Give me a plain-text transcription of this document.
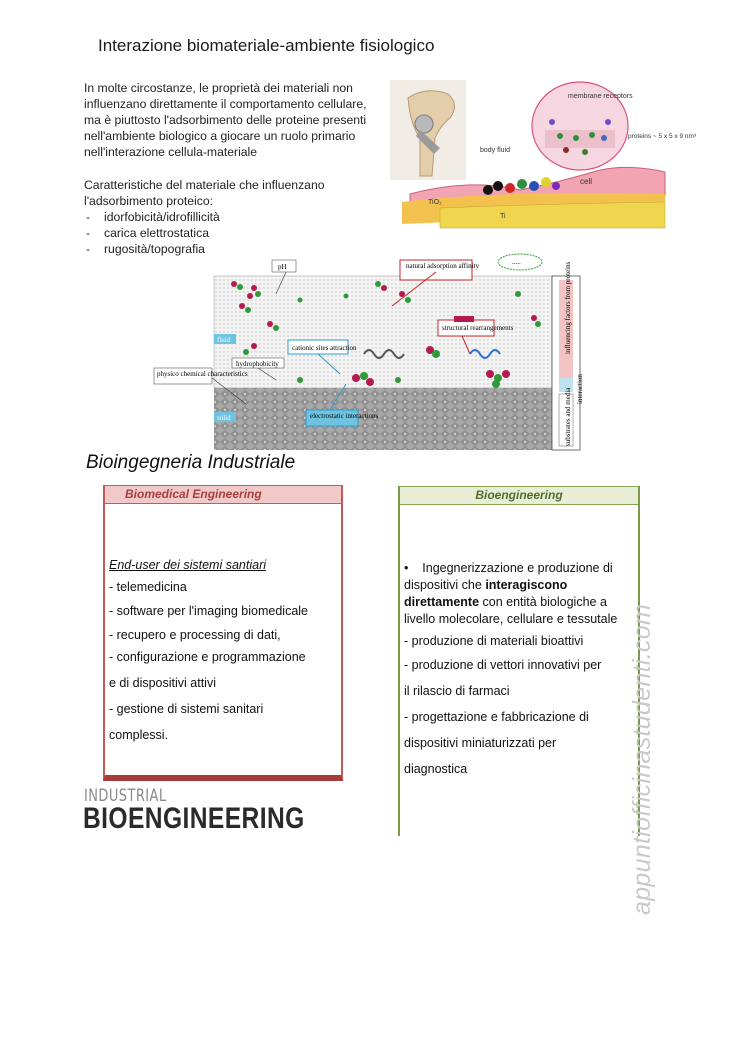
Interazione biomateriale-ambiente fisiologico
In molte circostanze, le proprietà dei materiali non influenzano direttamente il comportamento cellulare, ma è piuttosto l'adsorbimento delle proteine presenti nell'ambiente biologico a giocare un ruolo primario nell'interazione cellula-materiale
Caratteristiche del materiale che influenzano l'adsorbimento proteico:
- idorfobicità/idrofillicità
- carica elettrostatica
- rugosità/topografia
membrane receptors
proteins ~ 5 x 5 x 9 nm³
body fluid
cell
TiO₂
Ti
influencing factors from proteins
interaction
substrates and media
pH	natural adsorption affinity	.....
fluid
structural rearrangements
cationic sites attraction
hydrophobicity
physico chemical characteristics
solid	electrostatic interactions
Bioingegneria Industriale
Biomedical Engineering
End-user dei sistemi santiari

- telemedicina

- software per l'imaging biomedicale

- recupero e processing di dati,

- configurazione e programmazione

e di dispositivi attivi

- gestione di sistemi sanitari

complessi.

Bioengineering

•    Ingegnerizzazione e produzione di dispositivi che interagiscono direttamente con entità biologiche a livello molecolare, cellulare e tessutale

- produzione di materiali bioattivi

- produzione di vettori innovativi per

il rilascio di farmaci

- progettazione e fabbricazione di

dispositivi miniaturizzati per

diagnostica

INDUSTRIAL
BIOENGINEERING	appuntiofficinastudenti.com
